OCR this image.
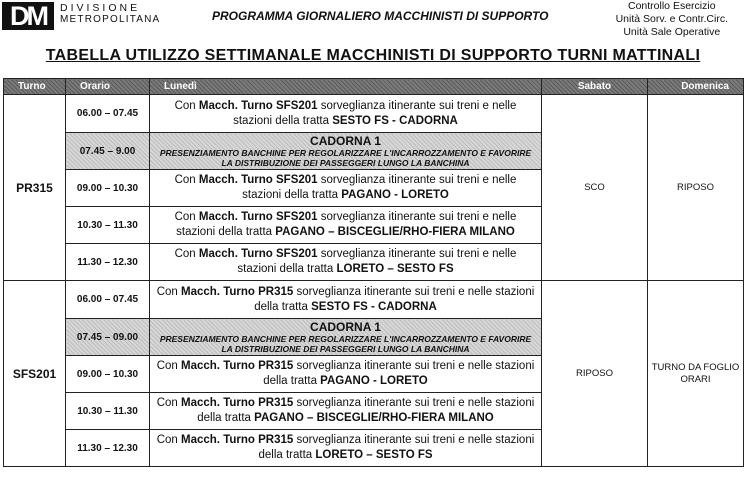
DM	DIVISIONE
METROPOLITANA	PROGRAMMA GIORNALIERO MACCHINISTI DI SUPPORTO
Controllo Esercizio
Unità Sorv. e Contr.Circ.
Unità Sale Operative
TABELLA UTILIZZO SETTIMANALE MACCHINISTI DI SUPPORTO TURNI MATTINALI
Turno	Orario	Lunedì	Sabato	Domenica
PR315	06.00 – 07.45	Con Macch. Turno SFS201 sorveglianza itinerante sui treni e nelle stazioni della tratta SESTO FS - CADORNA	SCO	RIPOSO
	07.45 – 9.00	CADORNA 1
PRESENZIAMENTO BANCHINE PER REGOLARIZZARE L'INCARROZZAMENTO E FAVORIRE LA DISTRIBUZIONE DEI PASSEGGERI LUNGO LA BANCHINA		

	09.00 – 10.30	Con Macch. Turno SFS201 sorveglianza itinerante sui treni e nelle stazioni della tratta PAGANO - LORETO		
	10.30 – 11.30	Con Macch. Turno SFS201 sorveglianza itinerante sui treni e nelle stazioni della tratta PAGANO – BISCEGLIE/RHO-FIERA MILANO		
	11.30 – 12.30	Con Macch. Turno SFS201 sorveglianza itinerante sui treni e nelle stazioni della tratta LORETO – SESTO FS		
SFS201	06.00 – 07.45	Con Macch. Turno PR315 sorveglianza itinerante sui treni e nelle stazioni della tratta SESTO FS - CADORNA	RIPOSO	TURNO DA FOGLIO ORARI
	07.45 – 09.00	CADORNA 1
PRESENZIAMENTO BANCHINE PER REGOLARIZZARE L'INCARROZZAMENTO E FAVORIRE LA DISTRIBUZIONE DEI PASSEGGERI LUNGO LA BANCHINA		

	09.00 – 10.30	Con Macch. Turno PR315 sorveglianza itinerante sui treni e nelle stazioni della tratta PAGANO - LORETO		
	10.30 – 11.30	Con Macch. Turno PR315 sorveglianza itinerante sui treni e nelle stazioni della tratta PAGANO – BISCEGLIE/RHO-FIERA MILANO		
	11.30 – 12.30	Con Macch. Turno PR315 sorveglianza itinerante sui treni e nelle stazioni della tratta LORETO – SESTO FS		
